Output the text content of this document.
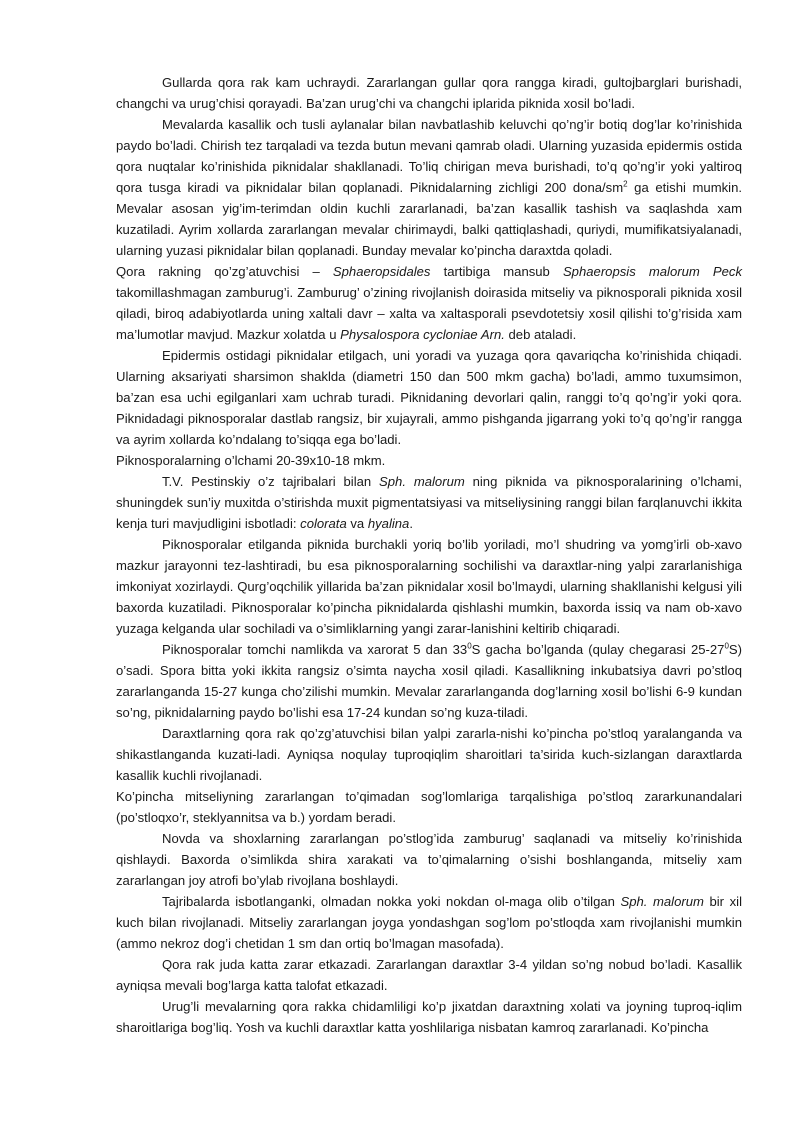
Gullarda qora rak kam uchraydi. Zararlangan gullar qora rangga kiradi, gultojbarglari burishadi, changchi va urug’chisi qorayadi. Ba’zan urug’chi va changchi iplarida piknida xosil bo’ladi.

Mevalarda kasallik och tusli aylanalar bilan navbatlashib keluvchi qo’ng’ir botiq dog’lar ko’rinishida paydo bo’ladi. Chirish tez tarqaladi va tezda butun mevani qamrab oladi. Ularning yuzasida epidermis ostida qora nuqtalar ko’rinishida piknidalar shakllanadi. To’liq chirigan meva burishadi, to’q qo’ng’ir yoki yaltiroq qora tusga kiradi va piknidalar bilan qoplanadi. Piknidalarning zichligi 200 dona/$sm^2$ ga etishi mumkin. Mevalar asosan yig’im-terimdan oldin kuchli zararlanadi, ba’zan kasallik tashish va saqlashda xam kuzatiladi. Ayrim xollarda zararlangan mevalar chirimaydi, balki qattiqlashadi, quriydi, mumifikatsiyalanadi, ularning yuzasi piknidalar bilan qoplanadi. Bunday mevalar ko’pincha daraxtda qoladi.

Qora rakning qo’zg’atuvchisi – Sphaeropsidales tartibiga mansub Sphaeropsis malorum Peck takomillashmagan zamburug’i. Zamburug’ o’zining rivojlanish doirasida mitseliy va piknosporali piknida xosil qiladi, biroq adabiyotlarda uning xaltali davr – xalta va xaltasporali psevdotetsiy xosil qilishi to’g’risida xam ma’lumotlar mavjud. Mazkur xolatda u Physalospora cycloniae Arn. deb ataladi.

Epidermis ostidagi piknidalar etilgach, uni yoradi va yuzaga qora qavariqcha ko’rinishida chiqadi. Ularning aksariyati sharsimon shaklda (diametri 150 dan 500 mkm gacha) bo’ladi, ammo tuxumsimon, ba’zan esa uchi egilganlari xam uchrab turadi. Piknidaning devorlari qalin, ranggi to’q qo’ng’ir yoki qora. Piknidadagi piknosporalar dastlab rangsiz, bir xujayrali, ammo pishganda jigarrang yoki to’q qo’ng’ir rangga va ayrim xollarda ko’ndalang to’siqqa ega bo’ladi.

Piknosporalarning o’lchami 20-39x10-18 mkm.

T.V. Pestinskiy o’z tajribalari bilan Sph. malorum ning piknida va piknosporalarining o’lchami, shuningdek sun’iy muxitda o’stirishda muxit pigmentatsiyasi va mitseliysining ranggi bilan farqlanuvchi ikkita kenja turi mavjudligini isbotladi: colorata va hyalina.

Piknosporalar etilganda piknida burchakli yoriq bo’lib yoriladi, mo’l shudring va yomg’irli ob-xavo mazkur jarayonni tez-lashtiradi, bu esa piknosporalarning sochilishi va daraxtlar-ning yalpi zararlanishiga imkoniyat xozirlaydi. Qurg’oqchilik yillarida ba’zan piknidalar xosil bo’lmaydi, ularning shakllanishi kelgusi yili baxorda kuzatiladi. Piknosporalar ko’pincha piknidalarda qishlashi mumkin, baxorda issiq va nam ob-xavo yuzaga kelganda ular sochiladi va o’simliklarning yangi zarar-lanishini keltirib chiqaradi.

Piknosporalar tomchi namlikda va xarorat 5 dan $33^0S$ gacha bo’lganda (qulay chegarasi $25-27^0S$) o’sadi. Spora bitta yoki ikkita rangsiz o’simta naycha xosil qiladi. Kasallikning inkubatsiya davri po’stloq zararlanganda 15-27 kunga cho’zilishi mumkin. Mevalar zararlanganda dog’larning xosil bo’lishi 6-9 kundan so’ng, piknidalarning paydo bo’lishi esa 17-24 kundan so’ng kuza-tiladi.

Daraxtlarning qora rak qo’zg’atuvchisi bilan yalpi zararla-nishi ko’pincha po’stloq yaralanganda va shikastlanganda kuzati-ladi. Ayniqsa noqulay tuproqiqlim sharoitlari ta’sirida kuch-sizlangan daraxtlarda kasallik kuchli rivojlanadi.

Ko’pincha mitseliyning zararlangan to’qimadan sog’lomlariga tarqalishiga po’stloq zararkunandalari (po’stloqxo’r, steklyannitsa va b.) yordam beradi.

Novda va shoxlarning zararlangan po’stlog’ida zamburug’ saqlanadi va mitseliy ko’rinishida qishlaydi. Baxorda o’simlikda shira xarakati va to’qimalarning o’sishi boshlanganda, mitseliy xam zararlangan joy atrofi bo’ylab rivojlana boshlaydi.

Tajribalarda isbotlanganki, olmadan nokka yoki nokdan ol-maga olib o’tilgan Sph. malorum bir xil kuch bilan rivojlanadi. Mitseliy zararlangan joyga yondashgan sog’lom po’stloqda xam rivojlanishi mumkin (ammo nekroz dog’i chetidan 1 sm dan ortiq bo’lmagan masofada).

Qora rak juda katta zarar etkazadi. Zararlangan daraxtlar 3-4 yildan so’ng nobud bo’ladi. Kasallik ayniqsa mevali bog’larga katta talofat etkazadi.

Urug’li mevalarning qora rakka chidamliligi ko’p jixatdan daraxtning xolati va joyning tuproq-iqlim sharoitlariga bog’liq. Yosh va kuchli daraxtlar katta yoshlilariga nisbatan kamroq zararlanadi. Ko’pincha
